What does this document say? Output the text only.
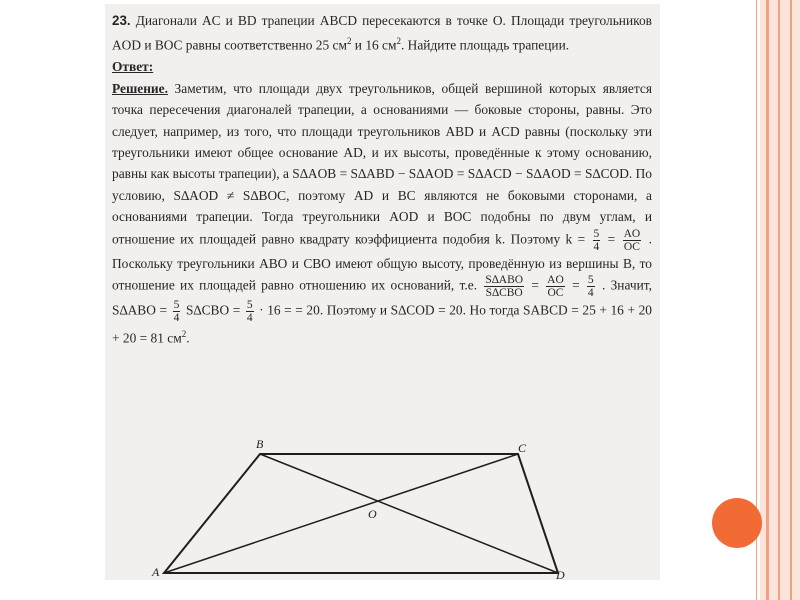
23. Диагонали AC и BD трапеции ABCD пересекаются в точке O. Площади треугольников AOD и BOC равны соответственно 25 $см^2$ и 16 $см^2$. Найдите площадь трапеции.

Ответ:

Решение. Заметим, что площади двух треугольников, общей вершиной которых является точка пересечения диагоналей трапеции, а основаниями — боковые стороны, равны. Это следует, например, из того, что площади треугольников ABD и ACD равны (поскольку эти треугольники имеют общее основание AD, и их высоты, проведённые к этому основанию, равны как высоты трапеции), а S∆AOB = S∆ABD − S∆AOD = S∆ACD − S∆AOD = S∆COD. По условию, S∆AOD ≠ S∆BOC, поэтому AD и BC являются не боковыми сторонами, а основаниями трапеции. Тогда треугольники AOD и BOC подобны по двум углам, и отношение их площадей равно квадрату коэффициента подобия k. Поэтому $k = \frac{5}{4} = \frac{AO}{OC}$ . Поскольку треугольники ABO и CBO имеют общую высоту, проведённую из вершины B, то отношение их площадей равно отношению их оснований, т.е. $\frac{\text{S∆ABO}}{\text{S∆CBO}} = \frac{AO}{OC} = \frac{5}{4}$ . Значит, $S\Delta ABO = \frac{5}{4} S\Delta CBO = \frac{5}{4} \cdot 16$ = = 20. Поэтому и S∆COD = 20. Но тогда SABCD = 25 + 16 + 20 + 20 = 81 $см^2$.

B	C
A	D
O
